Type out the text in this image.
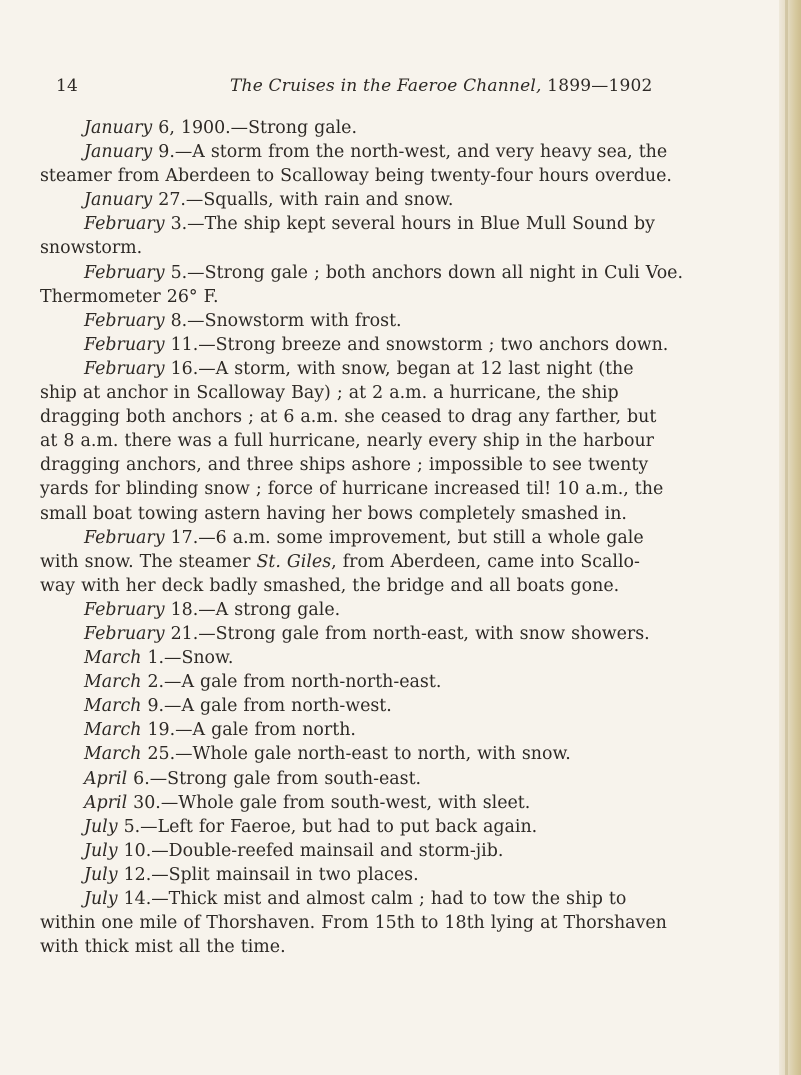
14	The Cruises in the Faeroe Channel, 1899—1902

January 6, 1900.—Strong gale.

January 9.—A storm from the north-west, and very heavy sea, the

steamer from Aberdeen to Scalloway being twenty-four hours overdue.

January 27.—Squalls, with rain and snow.

February 3.—The ship kept several hours in Blue Mull Sound by

snowstorm.

February 5.—Strong gale ; both anchors down all night in Culi Voe.

Thermometer 26° F.

February 8.—Snowstorm with frost.

February 11.—Strong breeze and snowstorm ; two anchors down.

February 16.—A storm, with snow, began at 12 last night (the

ship at anchor in Scalloway Bay) ; at 2 a.m. a hurricane, the ship

dragging both anchors ; at 6 a.m. she ceased to drag any farther, but

at 8 a.m. there was a full hurricane, nearly every ship in the harbour

dragging anchors, and three ships ashore ; impossible to see twenty

yards for blinding snow ; force of hurricane increased til! 10 a.m., the

small boat towing astern having her bows completely smashed in.

February 17.—6 a.m. some improvement, but still a whole gale

with snow. The steamer St. Giles, from Aberdeen, came into Scallo-

way with her deck badly smashed, the bridge and all boats gone.

February 18.—A strong gale.

February 21.—Strong gale from north-east, with snow showers.

March 1.—Snow.

March 2.—A gale from north-north-east.

March 9.—A gale from north-west.

March 19.—A gale from north.

March 25.—Whole gale north-east to north, with snow.

April 6.—Strong gale from south-east.

April 30.—Whole gale from south-west, with sleet.

July 5.—Left for Faeroe, but had to put back again.

July 10.—Double-reefed mainsail and storm-jib.

July 12.—Split mainsail in two places.

July 14.—Thick mist and almost calm ; had to tow the ship to

within one mile of Thorshaven. From 15th to 18th lying at Thorshaven

with thick mist all the time.
